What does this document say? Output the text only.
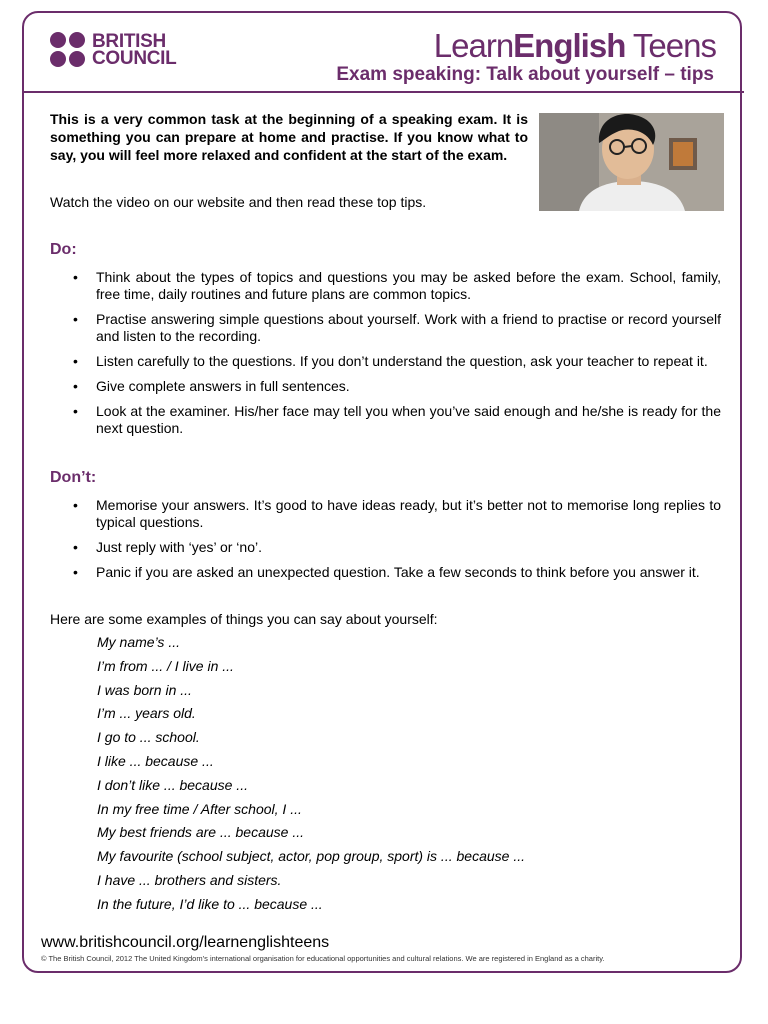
BRITISH
COUNCIL	LearnEnglish Teens
Exam speaking: Talk about yourself – tips
This is a very common task at the beginning of a speaking exam. It is something you can prepare at home and practise. If you know what to say, you will feel more relaxed and confident at the start of the exam.
Watch the video on our website and then read these top tips.
Do:
• Think about the types of topics and questions you may be asked before the exam. School, family, free time, daily routines and future plans are common topics.
• Practise answering simple questions about yourself. Work with a friend to practise or record yourself and listen to the recording.
• Listen carefully to the questions. If you don’t understand the question, ask your teacher to repeat it.
• Give complete answers in full sentences.
• Look at the examiner. His/her face may tell you when you’ve said enough and he/she is ready for the next question.
Don’t:
• Memorise your answers. It’s good to have ideas ready, but it’s better not to memorise long replies to typical questions.
• Just reply with ‘yes’ or ‘no’.
• Panic if you are asked an unexpected question. Take a few seconds to think before you answer it.
Here are some examples of things you can say about yourself:
My name’s ...
I’m from ... / I live in ...
I was born in ...
I’m ... years old.
I go to ... school.
I like ... because ...
I don’t like ... because ...
In my free time / After school, I ...
My best friends are ... because ...
My favourite (school subject, actor, pop group, sport) is ... because ...
I have ... brothers and sisters.
In the future, I’d like to ... because ...
www.britishcouncil.org/learnenglishteens
© The British Council, 2012 The United Kingdom’s international organisation for educational opportunities and cultural relations. We are registered in England as a charity.
